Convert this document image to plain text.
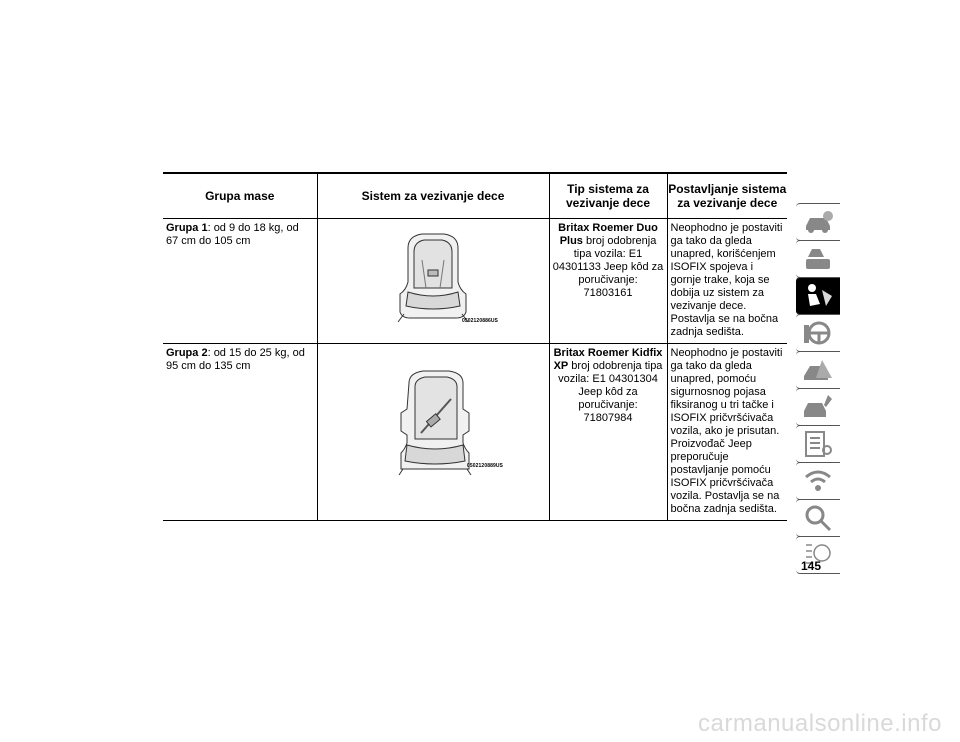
Grupa mase	Sistem za vezivanje dece	Tip sistema za vezivanje dece	Postavljanje sistema za vezivanje dece
Grupa 1: od 9 do 18 kg, od 67 cm do 105 cm	0502120886US	Britax Roemer Duo Plus broj odobrenja tipa vozila: E1 04301133 Jeep kôd za poručivanje: 71803161	Neophodno je postaviti ga tako da gleda unapred, korišćenjem ISOFIX spojeva i gornje trake, koja se dobija uz sistem za vezivanje dece. Postavlja se na bočna zadnja sedišta.
Grupa 2: od 15 do 25 kg, od 95 cm do 135 cm	0502120889US	Britax Roemer Kidfix XP broj odobrenja tipa vozila: E1 04301304 Jeep kôd za poručivanje: 71807984	Neophodno je postaviti ga tako da gleda unapred, pomoću sigurnosnog pojasa fiksiranog u tri tačke i ISOFIX pričvršćivača vozila, ako je prisutan. Proizvođač Jeep preporučuje postavljanje pomoću ISOFIX pričvršćivača vozila. Postavlja se na bočna zadnja sedišta.
145
carmanualsonline.info
